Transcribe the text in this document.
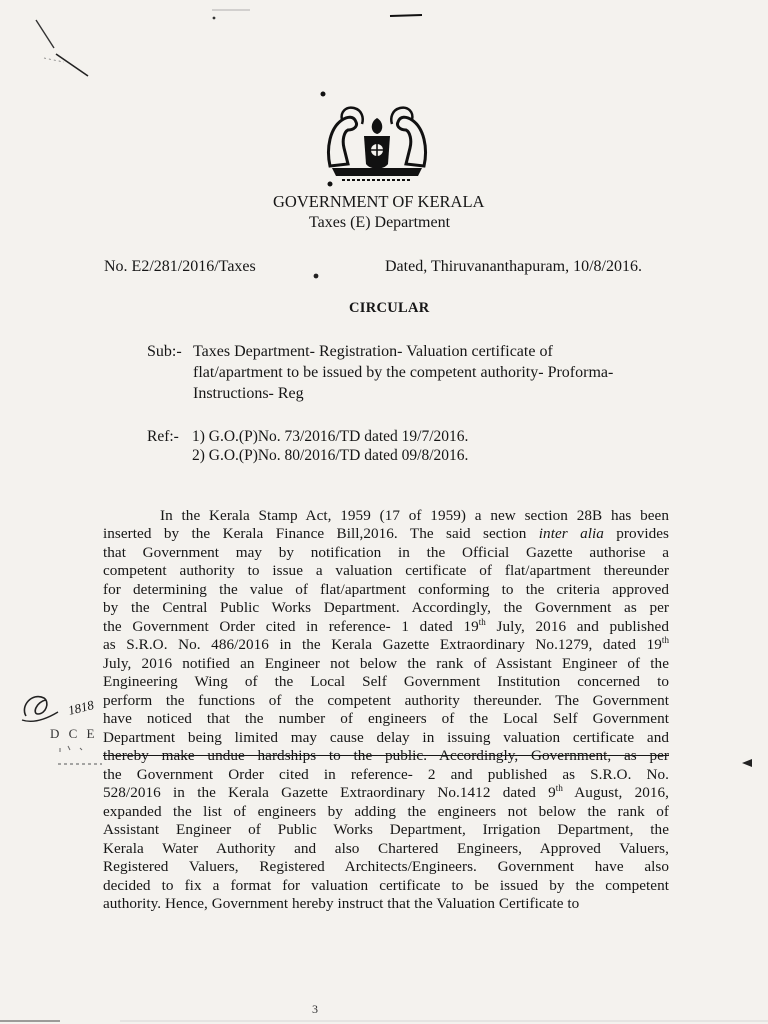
GOVERNMENT OF KERALA
Taxes (E) Department
No. E2/281/2016/Taxes	Dated, Thiruvananthapuram, 10/8/2016.
CIRCULAR
Sub:- Taxes Department- Registration- Valuation certificate of
flat/apartment to be issued by the competent authority- Proforma-
Instructions- Reg
Ref:- 1) G.O.(P)No. 73/2016/TD dated 19/7/2016.
2) G.O.(P)No. 80/2016/TD dated 09/8/2016.
In the Kerala Stamp Act, 1959 (17 of 1959) a new section 28B has been
inserted by the Kerala Finance Bill,2016. The said section inter alia provides
that Government may by notification in the Official Gazette authorise a
competent authority to issue a valuation certificate of flat/apartment thereunder
for determining the value of flat/apartment conforming to the criteria approved
by the Central Public Works Department. Accordingly, the Government as per
the Government Order cited in reference- 1 dated 19th July, 2016 and published
as S.R.O. No. 486/2016 in the Kerala Gazette Extraordinary No.1279, dated 19th
July, 2016 notified an Engineer not below the rank of Assistant Engineer of the
Engineering Wing of the Local Self Government Institution concerned to
perform the functions of the competent authority thereunder. The Government
have noticed that the number of engineers of the Local Self Government
Department being limited may cause delay in issuing valuation certificate and
thereby make undue hardships to the public. Accordingly, Government, as per
the Government Order cited in reference- 2 and published as S.R.O. No.
528/2016 in the Kerala Gazette Extraordinary No.1412 dated 9th August, 2016,
expanded the list of engineers by adding the engineers not below the rank of
Assistant Engineer of Public Works Department, Irrigation Department, the
Kerala Water Authority and also Chartered Engineers, Approved Valuers,
Registered Valuers, Registered Architects/Engineers. Government have also
decided to fix a format for valuation certificate to be issued by the competent
authority. Hence, Government hereby instruct that the Valuation Certificate to
1818
D C E
3
